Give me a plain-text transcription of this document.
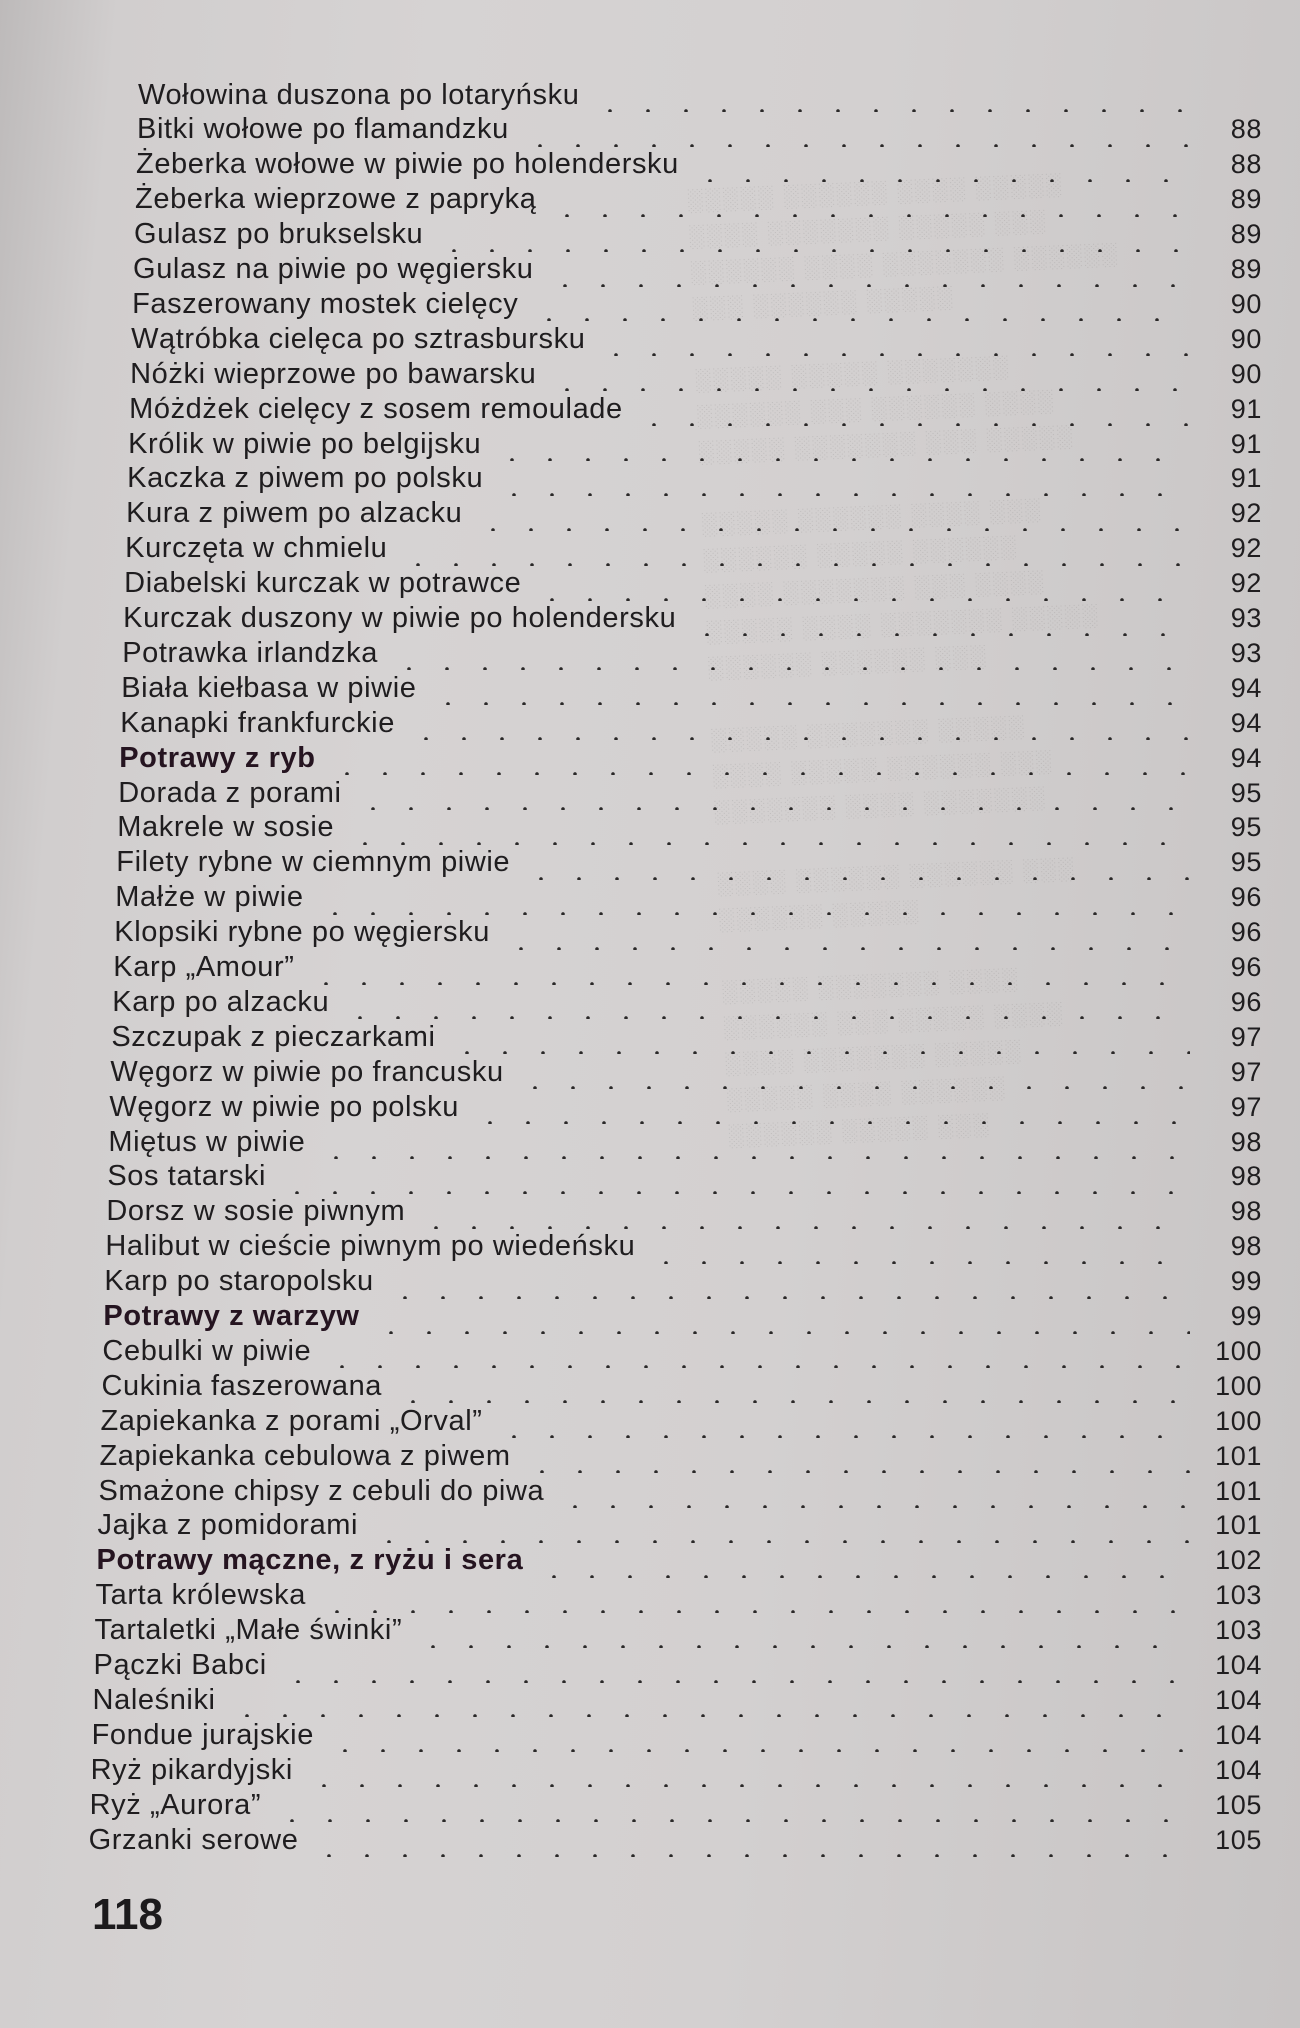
Wołowina duszona po lotaryńsku
Bitki wołowe po flamandzku	88
Żeberka wołowe w piwie po holendersku	88
Żeberka wieprzowe z papryką	89
Gulasz po brukselsku	89
Gulasz na piwie po węgiersku	89
Faszerowany mostek cielęcy	90
Wątróbka cielęca po sztrasbursku	90
Nóżki wieprzowe po bawarsku	90
Móżdżek cielęcy z sosem remoulade	91
Królik w piwie po belgijsku	91
Kaczka z piwem po polsku	91
Kura z piwem po alzacku	92
Kurczęta w chmielu	92
Diabelski kurczak w potrawce	92
Kurczak duszony w piwie po holendersku	93
Potrawka irlandzka	93
Biała kiełbasa w piwie	94
Kanapki frankfurckie	94
Potrawy z ryb	94
Dorada z porami	95
Makrele w sosie	95
Filety rybne w ciemnym piwie	95
Małże w piwie	96
Klopsiki rybne po węgiersku	96
Karp „Amour”	96
Karp po alzacku	96
Szczupak z pieczarkami	97
Węgorz w piwie po francusku	97
Węgorz w piwie po polsku	97
Miętus w piwie	98
Sos tatarski	98
Dorsz w sosie piwnym	98
Halibut w cieście piwnym po wiedeńsku	98
Karp po staropolsku	99
Potrawy z warzyw	99
Cebulki w piwie	100
Cukinia faszerowana	100
Zapiekanka z porami „Orval”	100
Zapiekanka cebulowa z piwem	101
Smażone chipsy z cebuli do piwa	101
Jajka z pomidorami	101
Potrawy mączne, z ryżu i sera	102
Tarta królewska	103
Tartaletki „Małe świnki”	103
Pączki Babci	104
Naleśniki	104
Fondue jurajskie	104
Ryż pikardyjski	104
Ryż „Aurora”	105
Grzanki serowe	105
118
